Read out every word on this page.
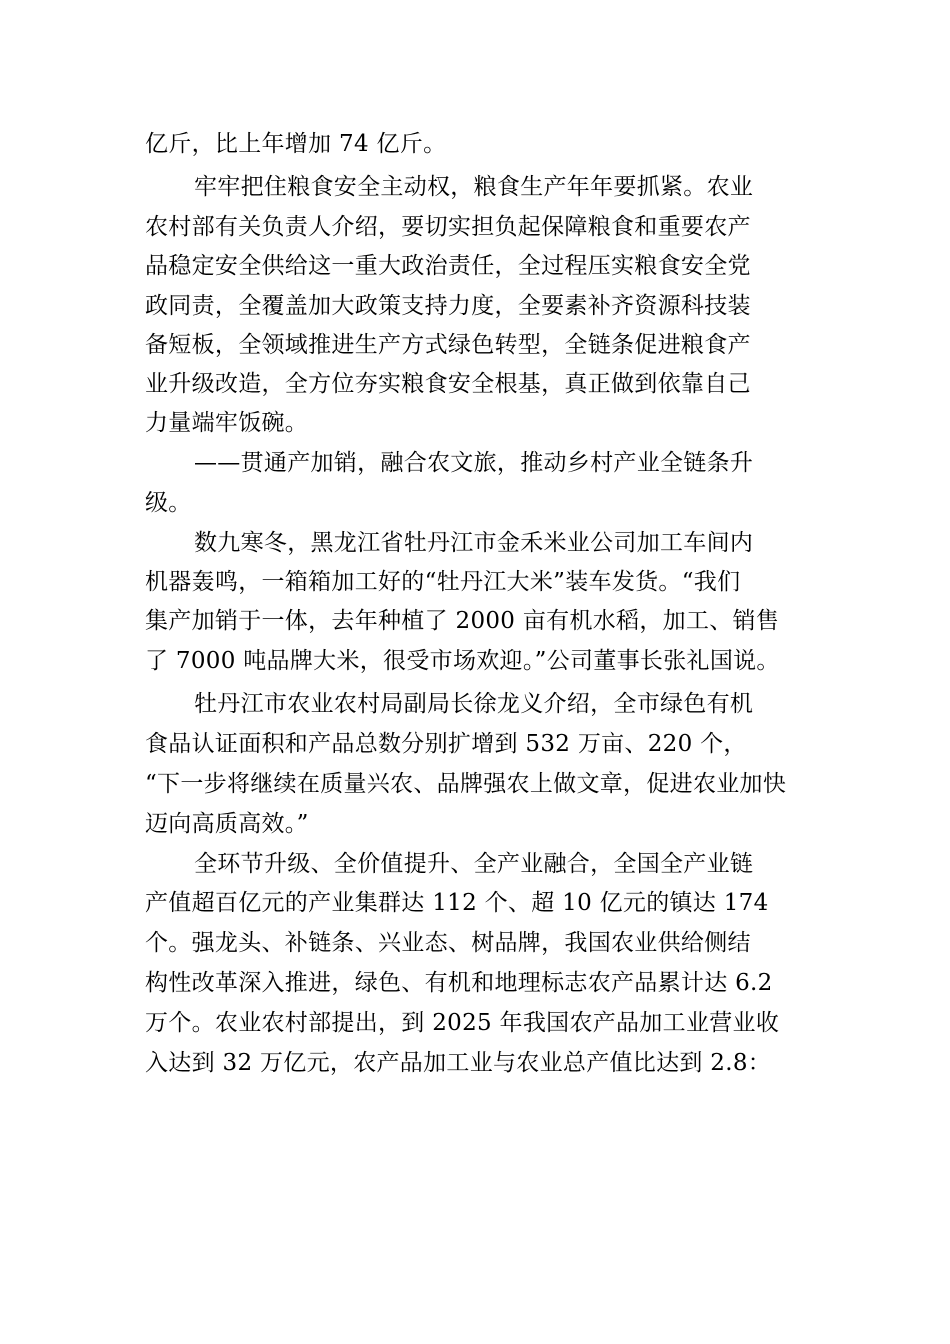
亿斤，比上年增加 74 亿斤。
牢牢把住粮食安全主动权，粮食生产年年要抓紧。农业
农村部有关负责人介绍，要切实担负起保障粮食和重要农产
品稳定安全供给这一重大政治责任，全过程压实粮食安全党
政同责，全覆盖加大政策支持力度，全要素补齐资源科技装
备短板，全领域推进生产方式绿色转型，全链条促进粮食产
业升级改造，全方位夯实粮食安全根基，真正做到依靠自己
力量端牢饭碗。
——贯通产加销，融合农文旅，推动乡村产业全链条升
级。
数九寒冬，黑龙江省牡丹江市金禾米业公司加工车间内
机器轰鸣，一箱箱加工好的“牡丹江大米”装车发货。“我们
集产加销于一体，去年种植了 2000 亩有机水稻，加工、销售
了 7000 吨品牌大米，很受市场欢迎。”公司董事长张礼国说。
牡丹江市农业农村局副局长徐龙义介绍，全市绿色有机
食品认证面积和产品总数分别扩增到 532 万亩、220 个，
“下一步将继续在质量兴农、品牌强农上做文章，促进农业加快
迈向高质高效。”
全环节升级、全价值提升、全产业融合，全国全产业链
产值超百亿元的产业集群达 112 个、超 10 亿元的镇达 174
个。强龙头、补链条、兴业态、树品牌，我国农业供给侧结
构性改革深入推进，绿色、有机和地理标志农产品累计达 6.2
万个。农业农村部提出，到 2025 年我国农产品加工业营业收
入达到 32 万亿元，农产品加工业与农业总产值比达到 2.8：
